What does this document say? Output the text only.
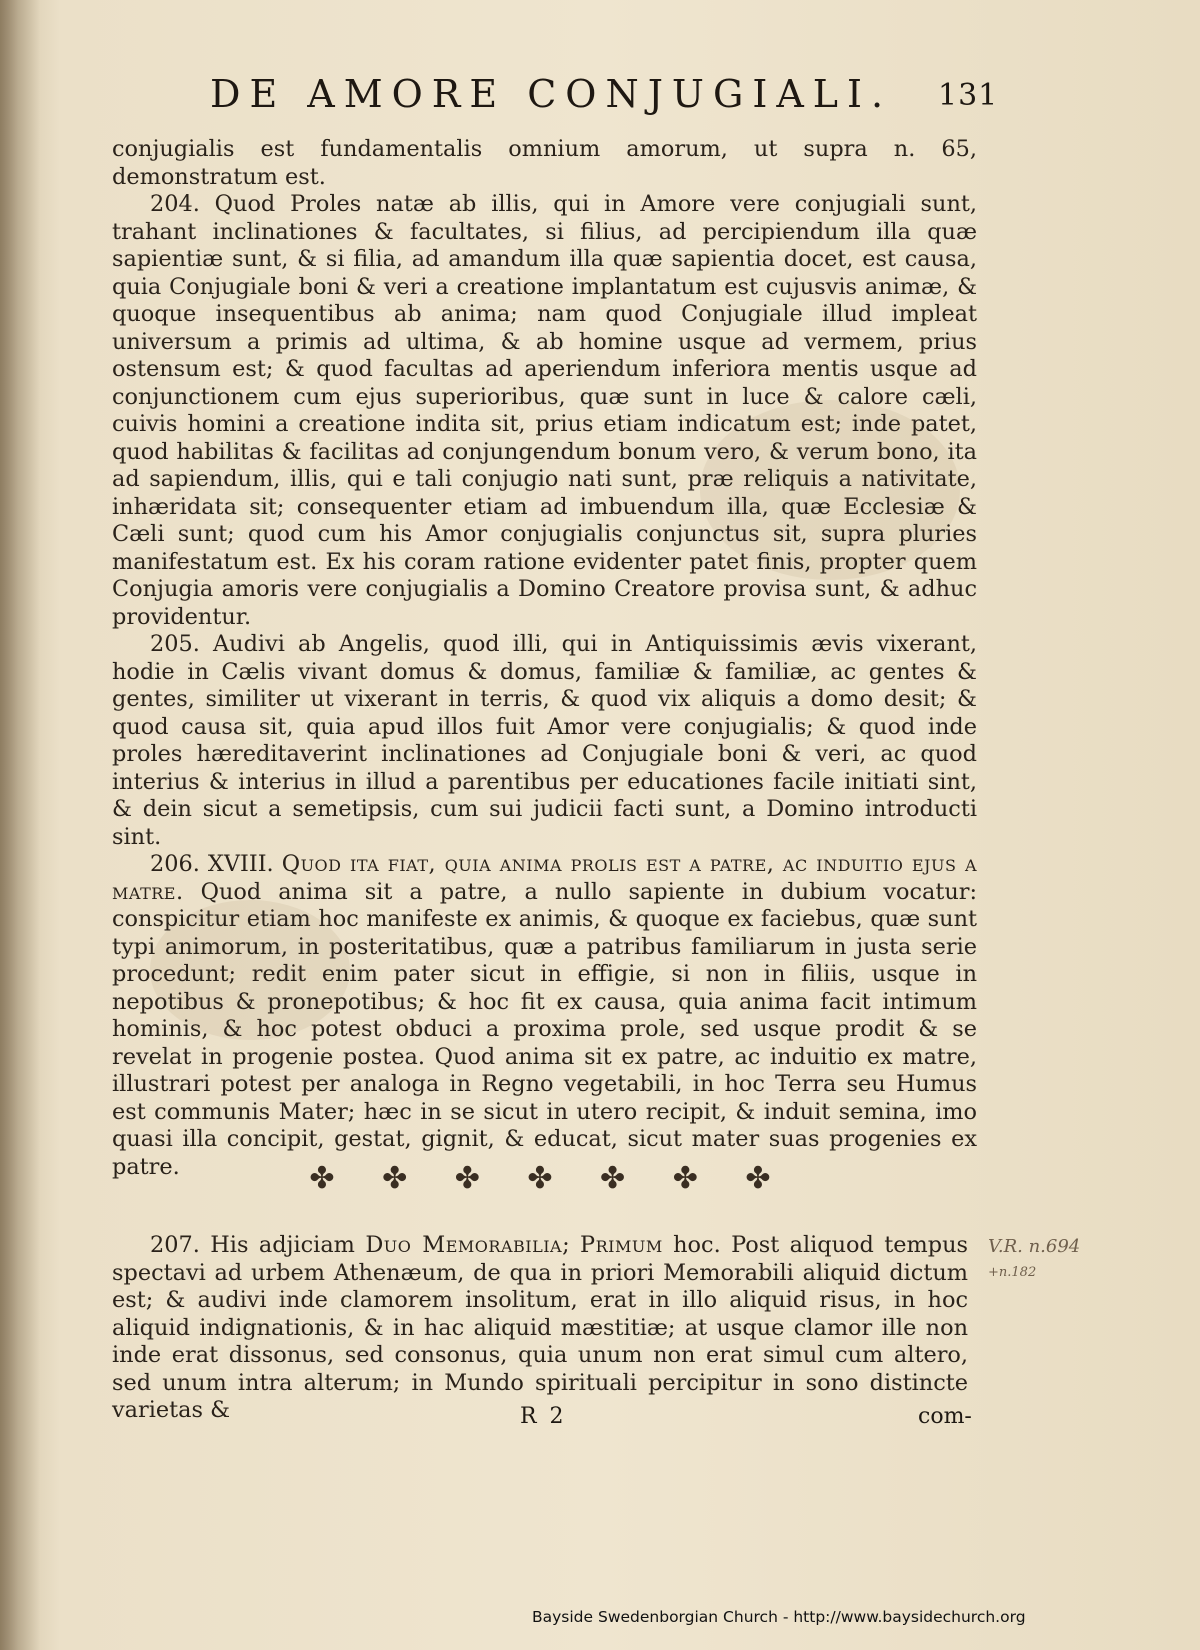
DE AMORE CONJUGIALI.	131

conjugialis est fundamentalis omnium amorum, ut supra n. 65, demonstratum est.

204. Quod Proles natæ ab illis, qui in Amore vere conjugiali sunt, trahant inclinationes & facultates, si filius, ad percipiendum illa quæ sapientiæ sunt, & si filia, ad amandum illa quæ sapientia docet, est causa, quia Conjugiale boni & veri a creatione implantatum est cujusvis animæ, & quoque insequentibus ab anima; nam quod Conjugiale illud impleat universum a primis ad ultima, & ab homine usque ad vermem, prius ostensum est; & quod facultas ad aperiendum inferiora mentis usque ad conjunctionem cum ejus superioribus, quæ sunt in luce & calore cæli, cuivis homini a creatione indita sit, prius etiam indicatum est; inde patet, quod habilitas & facilitas ad conjungendum bonum vero, & verum bono, ita ad sapiendum, illis, qui e tali conjugio nati sunt, præ reliquis a nativitate, inhæridata sit; consequenter etiam ad imbuendum illa, quæ Ecclesiæ & Cæli sunt; quod cum his Amor conjugialis conjunctus sit, supra pluries manifestatum est. Ex his coram ratione evidenter patet finis, propter quem Conjugia amoris vere conjugialis a Domino Creatore provisa sunt, & adhuc providentur.

205. Audivi ab Angelis, quod illi, qui in Antiquissimis ævis vixerant, hodie in Cælis vivant domus & domus, familiæ & familiæ, ac gentes & gentes, similiter ut vixerant in terris, & quod vix aliquis a domo desit; & quod causa sit, quia apud illos fuit Amor vere conjugialis; & quod inde proles hæreditaverint inclinationes ad Conjugiale boni & veri, ac quod interius & interius in illud a parentibus per educationes facile initiati sint, & dein sicut a semetipsis, cum sui judicii facti sunt, a Domino introducti sint.

206. XVIII. Quod ita fiat, quia anima prolis est a patre, ac induitio ejus a matre. Quod anima sit a patre, a nullo sapiente in dubium vocatur: conspicitur etiam hoc manifeste ex animis, & quoque ex faciebus, quæ sunt typi animorum, in posteritatibus, quæ a patribus familiarum in justa serie procedunt; redit enim pater sicut in effigie, si non in filiis, usque in nepotibus & pronepotibus; & hoc fit ex causa, quia anima facit intimum hominis, & hoc potest obduci a proxima prole, sed usque prodit & se revelat in progenie postea. Quod anima sit ex patre, ac induitio ex matre, illustrari potest per analoga in Regno vegetabili, in hoc Terra seu Humus est communis Mater; hæc in se sicut in utero recipit, & induit semina, imo quasi illa concipit, gestat, gignit, & educat, sicut mater suas progenies ex patre.	✤ ✤ ✤ ✤ ✤ ✤ ✤

207. His adjiciam Duo Memorabilia; Primum hoc. Post aliquod tempus spectavi ad urbem Athenæum, de qua in priori Memorabili aliquid dictum est; & audivi inde clamorem insolitum, erat in illo aliquid risus, in hoc aliquid indignationis, & in hac aliquid mæstitiæ; at usque clamor ille non inde erat dissonus, sed consonus, quia unum non erat simul cum altero, sed unum intra alterum; in Mundo spirituali percipitur in sono distincte varietas &

V.R. n.694
+n.182
R 2	com-
Bayside Swedenborgian Church - http://www.baysidechurch.org
